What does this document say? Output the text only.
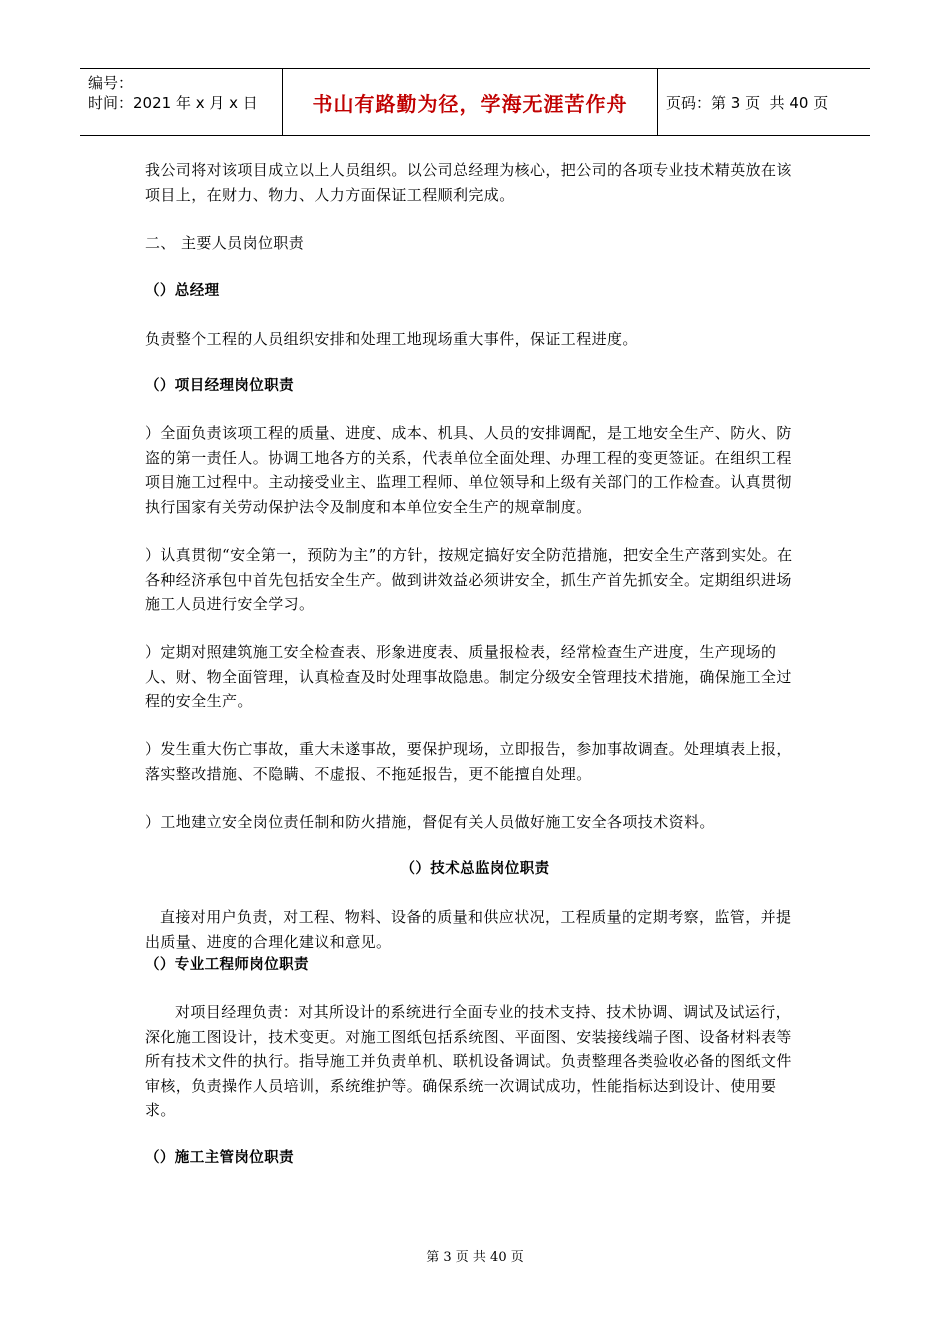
编号：
时间：2021 年 x 月 x 日	书山有路勤为径，学海无涯苦作舟	页码：第 3 页  共 40 页
我公司将对该项目成立以上人员组织。以公司总经理为核心，把公司的各项专业技术精英放在该项目上，在财力、物力、人力方面保证工程顺利完成。
二、 主要人员岗位职责
（）总经理
负责整个工程的人员组织安排和处理工地现场重大事件，保证工程进度。
（）项目经理岗位职责
）全面负责该项工程的质量、进度、成本、机具、人员的安排调配，是工地安全生产、防火、防盗的第一责任人。协调工地各方的关系，代表单位全面处理、办理工程的变更签证。在组织工程项目施工过程中。主动接受业主、监理工程师、单位领导和上级有关部门的工作检查。认真贯彻执行国家有关劳动保护法令及制度和本单位安全生产的规章制度。
）认真贯彻“安全第一，预防为主”的方针，按规定搞好安全防范措施，把安全生产落到实处。在各种经济承包中首先包括安全生产。做到讲效益必须讲安全，抓生产首先抓安全。定期组织进场施工人员进行安全学习。
）定期对照建筑施工安全检查表、形象进度表、质量报检表，经常检查生产进度，生产现场的人、财、物全面管理，认真检查及时处理事故隐患。制定分级安全管理技术措施，确保施工全过程的安全生产。
）发生重大伤亡事故，重大未遂事故，要保护现场，立即报告，参加事故调查。处理填表上报，落实整改措施、不隐瞒、不虚报、不拖延报告，更不能擅自处理。
）工地建立安全岗位责任制和防火措施，督促有关人员做好施工安全各项技术资料。
（）技术总监岗位职责
直接对用户负责，对工程、物料、设备的质量和供应状况，工程质量的定期考察，监管，并提出质量、进度的合理化建议和意见。
（）专业工程师岗位职责
对项目经理负责：对其所设计的系统进行全面专业的技术支持、技术协调、调试及试运行，深化施工图设计，技术变更。对施工图纸包括系统图、平面图、安装接线端子图、设备材料表等所有技术文件的执行。指导施工并负责单机、联机设备调试。负责整理各类验收必备的图纸文件审核，负责操作人员培训，系统维护等。确保系统一次调试成功，性能指标达到设计、使用要求。
（）施工主管岗位职责
第 3 页 共 40 页
